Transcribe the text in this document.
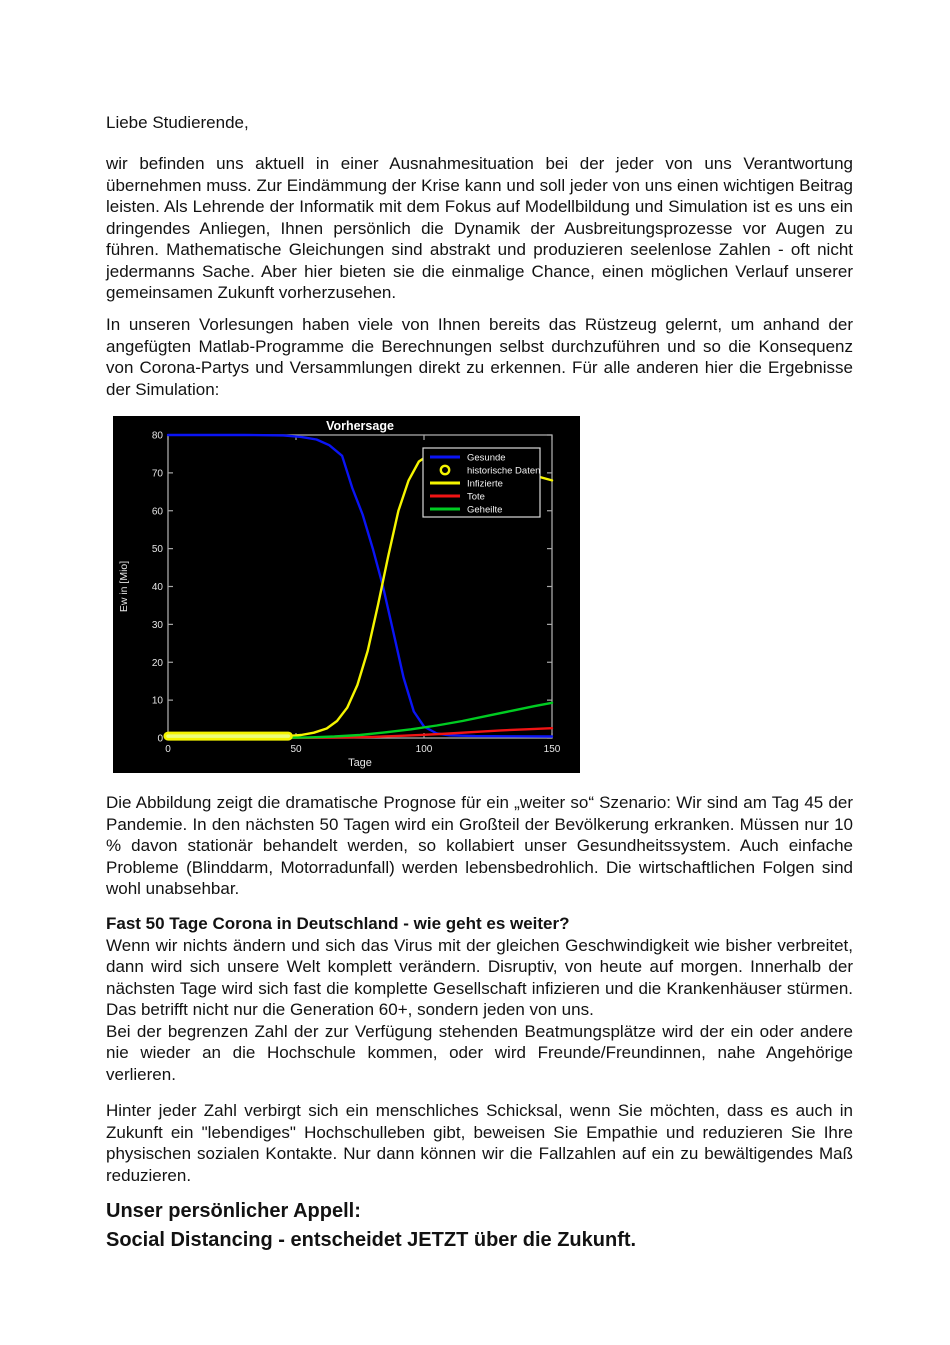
Liebe Studierende,

wir befinden uns aktuell in einer Ausnahmesituation bei der jeder von uns Verantwortung übernehmen muss. Zur Eindämmung der Krise kann und soll jeder von uns einen wichtigen Beitrag leisten. Als Lehrende der Informatik mit dem Fokus auf Modellbildung und Simulation ist es uns ein dringendes Anliegen, Ihnen persönlich die Dynamik der Ausbreitungsprozesse vor Augen zu führen. Mathematische Gleichungen sind abstrakt und produzieren seelenlose Zahlen - oft nicht jedermanns Sache. Aber hier bieten sie die einmalige Chance, einen möglichen Verlauf unserer gemeinsamen Zukunft vorherzusehen.

In unseren Vorlesungen haben viele von Ihnen bereits das Rüstzeug gelernt, um anhand der angefügten Matlab-Programme die Berechnungen selbst durchzuführen und so die Konsequenz von Corona-Partys und Versammlungen direkt zu erkennen. Für alle anderen hier die Ergebnisse der Simulation:

0	50	100	150
0
10
20
30
40
50
60
70
80
Vorhersage
Tage
Ew in [Mio]
Gesunde
historische Daten
Infizierte
Tote
Geheilte

Die Abbildung zeigt die dramatische Prognose für ein „weiter so“ Szenario: Wir sind am Tag 45 der Pandemie. In den nächsten 50 Tagen wird ein Großteil der Bevölkerung erkranken. Müssen nur 10 % davon stationär behandelt werden, so kollabiert unser Gesundheitssystem. Auch einfache Probleme (Blinddarm, Motorradunfall) werden lebensbedrohlich. Die wirtschaftlichen Folgen sind wohl unabsehbar.

Fast 50 Tage Corona in Deutschland - wie geht es weiter?

Wenn wir nichts ändern und sich das Virus mit der gleichen Geschwindigkeit wie bisher verbreitet, dann wird sich unsere Welt komplett verändern. Disruptiv, von heute auf morgen. Innerhalb der nächsten Tage wird sich fast die komplette Gesellschaft infizieren und die Krankenhäuser stürmen. Das betrifft nicht nur die Generation 60+, sondern jeden von uns.

Bei der begrenzen Zahl der zur Verfügung stehenden Beatmungsplätze wird der ein oder andere nie wieder an die Hochschule kommen, oder wird Freunde/Freundinnen, nahe Angehörige verlieren.

Hinter jeder Zahl verbirgt sich ein menschliches Schicksal, wenn Sie möchten, dass es auch in Zukunft ein "lebendiges" Hochschulleben gibt, beweisen Sie Empathie und reduzieren Sie Ihre physischen sozialen Kontakte. Nur dann können wir die Fallzahlen auf ein zu bewältigendes Maß reduzieren.

Unser persönlicher Appell:
Social Distancing - entscheidet JETZT über die Zukunft.
